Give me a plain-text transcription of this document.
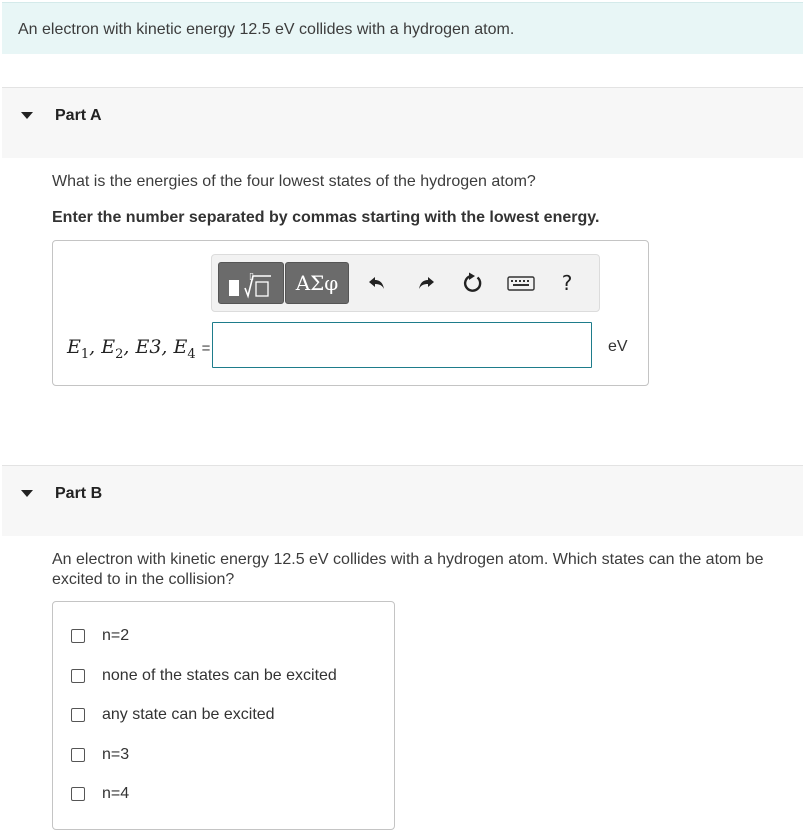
An electron with kinetic energy 12.5 eV collides with a hydrogen atom.
Part A
What is the energies of the four lowest states of the hydrogen atom?
Enter the number separated by commas starting with the lowest energy.
▯	ΑΣφ	?
$E_1$, $E_2$, E3, $E_4$ =	eV
Part B
An electron with kinetic energy 12.5 eV collides with a hydrogen atom. Which states can the atom be
excited to in the collision?
n=2
none of the states can be excited
any state can be excited
n=3
n=4
